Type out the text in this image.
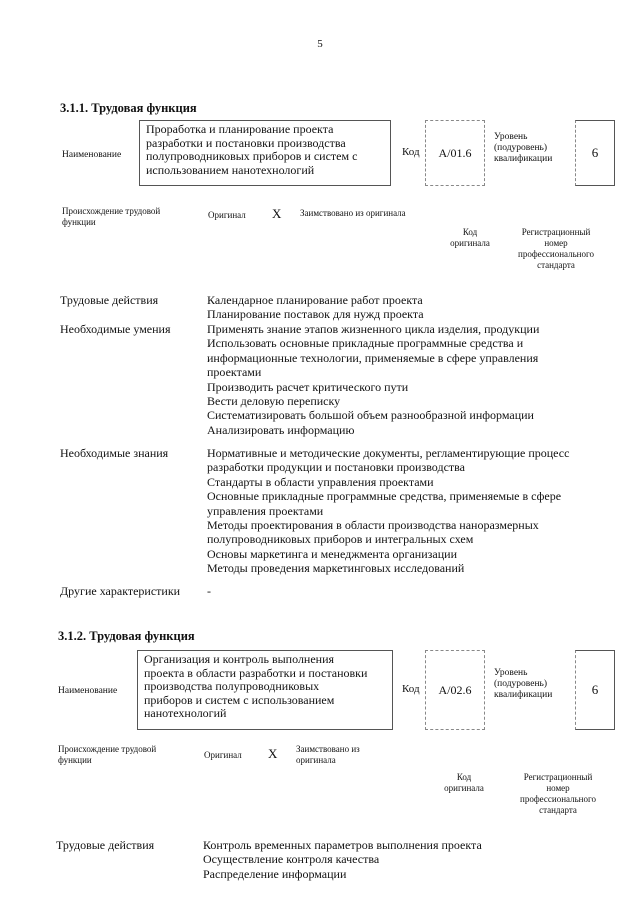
5
3.1.1. Трудовая функция
Наименование
Проработка и планирование проекта
разработки и постановки производства
полупроводниковых приборов и систем с
использованием нанотехнологий
Код A/01.6
Уровень
(подуровень)
квалификации	6
Происхождение трудовой
функции
Оригинал X Заимствовано из оригинала
Код
оригинала
Регистрационный
номер
профессионального
стандарта
Трудовые действия	Календарное планирование работ проекта
Планирование поставок для нужд проекта
Необходимые умения	Применять знание этапов жизненного цикла изделия, продукции
Использовать основные прикладные программные средства и
информационные технологии, применяемые в сфере управления
проектами
Производить расчет критического пути
Вести деловую переписку
Систематизировать большой объем разнообразной информации
Анализировать информацию
Необходимые знания	Нормативные и методические документы, регламентирующие процесс
разработки продукции и постановки производства
Стандарты в области управления проектами
Основные прикладные программные средства, применяемые в сфере
управления проектами
Методы проектирования в области производства наноразмерных
полупроводниковых приборов и интегральных схем
Основы маркетинга и менеджмента организации
Методы проведения маркетинговых исследований
Другие характеристики -
3.1.2. Трудовая функция
Наименование
Организация и контроль выполнения
проекта в области разработки и постановки
производства полупроводниковых
приборов и систем с использованием
нанотехнологий
Код A/02.6
Уровень
(подуровень)
квалификации	6
Происхождение трудовой
функции	Оригинал X Заимствовано из
оригинала
Код
оригинала
Регистрационный
номер
профессионального
стандарта
Трудовые действия	Контроль временных параметров выполнения проекта
Осуществление контроля качества
Распределение информации
